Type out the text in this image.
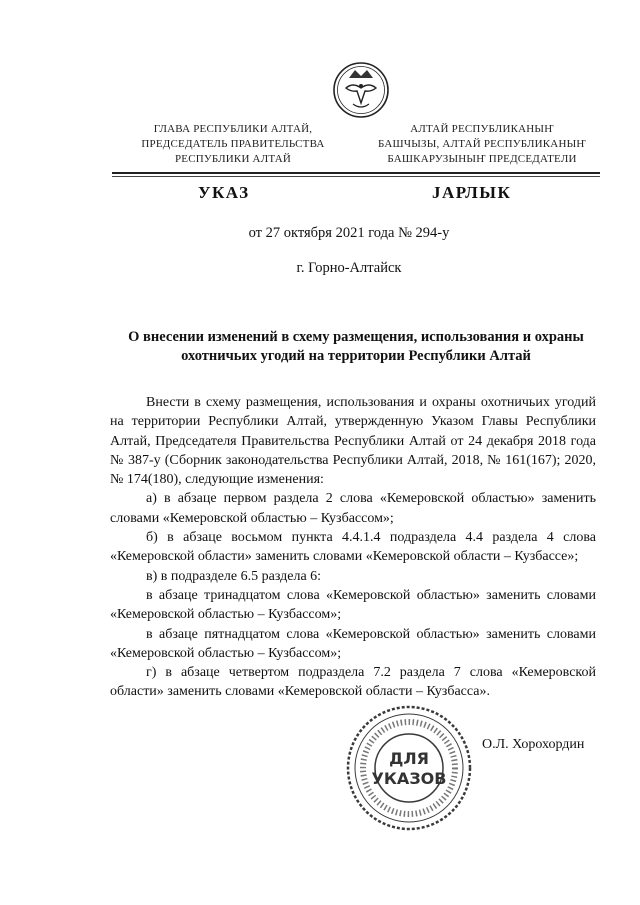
ГЛАВА РЕСПУБЛИКИ АЛТАЙ,
ПРЕДСЕДАТЕЛЬ ПРАВИТЕЛЬСТВА
РЕСПУБЛИКИ АЛТАЙ
АЛТАЙ РЕСПУБЛИКАНЫҤ
БАШЧЫЗЫ, АЛТАЙ РЕСПУБЛИКАНЫҤ
БАШКАРУЗЫНЫҤ ПРЕДСЕДАТЕЛИ
УКАЗ	JАРЛЫК
от 27 октября 2021 года № 294-у
г. Горно-Алтайск
О внесении изменений в схему размещения, использования и охраны охотничьих угодий на территории Республики Алтай

Внести в схему размещения, использования и охраны охотничьих угодий на территории Республики Алтай, утвержденную Указом Главы Республики Алтай, Председателя Правительства Республики Алтай от 24 декабря 2018 года № 387-у (Сборник законодательства Республики Алтай, 2018, № 161(167); 2020, № 174(180), следующие изменения:

а) в абзаце первом раздела 2 слова «Кемеровской областью» заменить словами «Кемеровской областью – Кузбассом»;

б) в абзаце восьмом пункта 4.4.1.4 подраздела 4.4 раздела 4 слова «Кемеровской области» заменить словами «Кемеровской области – Кузбассе»;

в) в подразделе 6.5 раздела 6:

в абзаце тринадцатом слова «Кемеровской областью» заменить словами «Кемеровской областью – Кузбассом»;

в абзаце пятнадцатом слова «Кемеровской областью» заменить словами «Кемеровской областью – Кузбассом»;

г) в абзаце четвертом подраздела 7.2 раздела 7 слова «Кемеровской области» заменить словами «Кемеровской области – Кузбасса».

ДЛЯ
УКАЗОВ
О.Л. Хорохордин
